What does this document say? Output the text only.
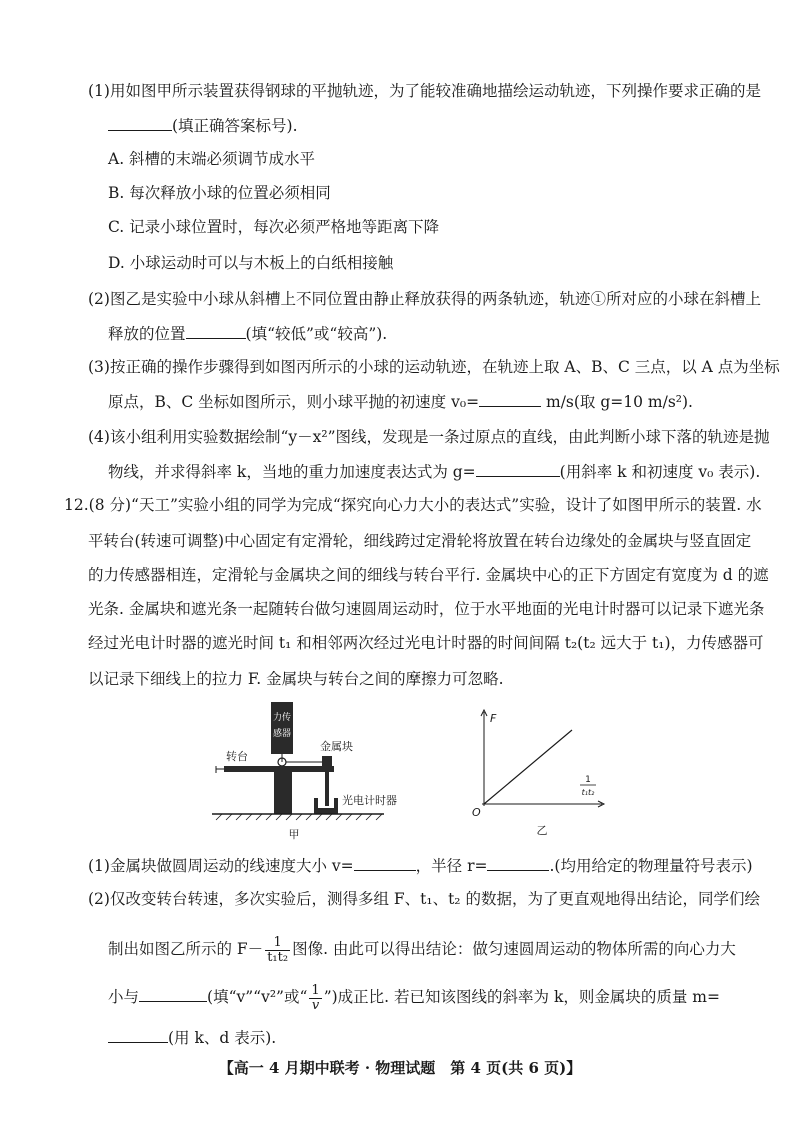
(1)用如图甲所示装置获得钢球的平抛轨迹，为了能较准确地描绘运动轨迹，下列操作要求正确的是
(填正确答案标号).
A. 斜槽的末端必须调节成水平
B. 每次释放小球的位置必须相同
C. 记录小球位置时，每次必须严格地等距离下降
D. 小球运动时可以与木板上的白纸相接触
(2)图乙是实验中小球从斜槽上不同位置由静止释放获得的两条轨迹，轨迹①所对应的小球在斜槽上
释放的位置	(填“较低”或“较高”).
(3)按正确的操作步骤得到如图丙所示的小球的运动轨迹，在轨迹上取 A、B、C 三点，以 A 点为坐标
原点，B、C 坐标如图所示，则小球平抛的初速度 v₀=	m/s(取 g=10 m/s²).
(4)该小组利用实验数据绘制“y－x²”图线，发现是一条过原点的直线，由此判断小球下落的轨迹是抛
物线，并求得斜率 k，当地的重力加速度表达式为 g=	(用斜率 k 和初速度 v₀ 表示).
12.(8 分)“天工”实验小组的同学为完成“探究向心力大小的表达式”实验，设计了如图甲所示的装置. 水
平转台(转速可调整)中心固定有定滑轮，细线跨过定滑轮将放置在转台边缘处的金属块与竖直固定
的力传感器相连，定滑轮与金属块之间的细线与转台平行. 金属块中心的正下方固定有宽度为 d 的遮
光条. 金属块和遮光条一起随转台做匀速圆周运动时，位于水平地面的光电计时器可以记录下遮光条
经过光电计时器的遮光时间 t₁ 和相邻两次经过光电计时器的时间间隔 t₂(t₂ 远大于 t₁)，力传感器可
以记录下细线上的拉力 F. 金属块与转台之间的摩擦力可忽略.
力传
感器
转台
金属块
光电计时器
甲
F
O
1
t₁t₂
乙
(1)金属块做圆周运动的线速度大小 v=	，半径 r=	.(均用给定的物理量符号表示)
(2)仅改变转台转速，多次实验后，测得多组 F、t₁、t₂ 的数据，为了更直观地得出结论，同学们绘
制出如图乙所示的 $F- \frac{1}{\text{t₁t₂}}$ 图像. 由此可以得出结论：做匀速圆周运动的物体所需的向心力大
小与	(填“v”“v²”或“ $\frac{1}{v}$ ”)成正比. 若已知该图线的斜率为 k，则金属块的质量 m=
(用 k、d 表示).
【高一 4 月期中联考 · 物理试题　第 4 页(共 6 页)】
